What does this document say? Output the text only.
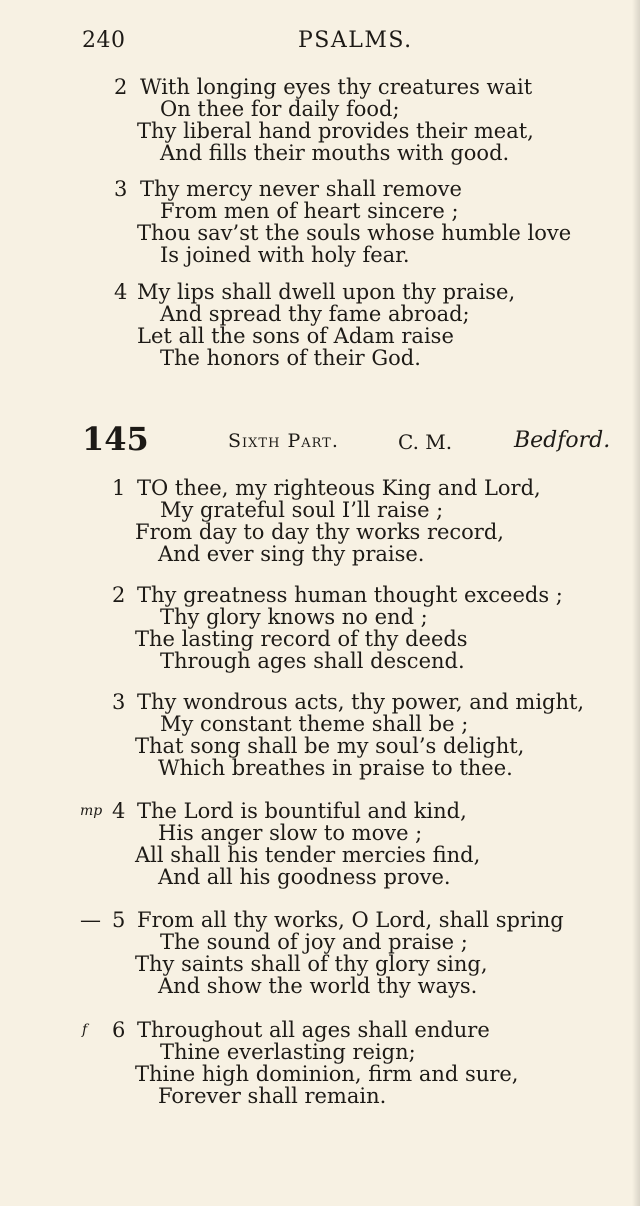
240	PSALMS.
2 With longing eyes thy creatures wait
On thee for daily food;
Thy liberal hand provides their meat,
And fills their mouths with good.
3 Thy mercy never shall remove
From men of heart sincere ;
Thou sav’st the souls whose humble love
Is joined with holy fear.
4 My lips shall dwell upon thy praise,
And spread thy fame abroad;
Let all the sons of Adam raise
The honors of their God.
145	Sixth Part.	C. M.	Bedford.
1 TO thee, my righteous King and Lord,
My grateful soul I’ll raise ;
From day to day thy works record,
And ever sing thy praise.
2 Thy greatness human thought exceeds ;
Thy glory knows no end ;
The lasting record of thy deeds
Through ages shall descend.
3 Thy wondrous acts, thy power, and might,
My constant theme shall be ;
That song shall be my soul’s delight,
Which breathes in praise to thee.
mp 4 The Lord is bountiful and kind,
His anger slow to move ;
All shall his tender mercies find,
And all his goodness prove.
— 5 From all thy works, O Lord, shall spring
The sound of joy and praise ;
Thy saints shall of thy glory sing,
And show the world thy ways.
f 6 Throughout all ages shall endure
Thine everlasting reign;
Thine high dominion, firm and sure,
Forever shall remain.
